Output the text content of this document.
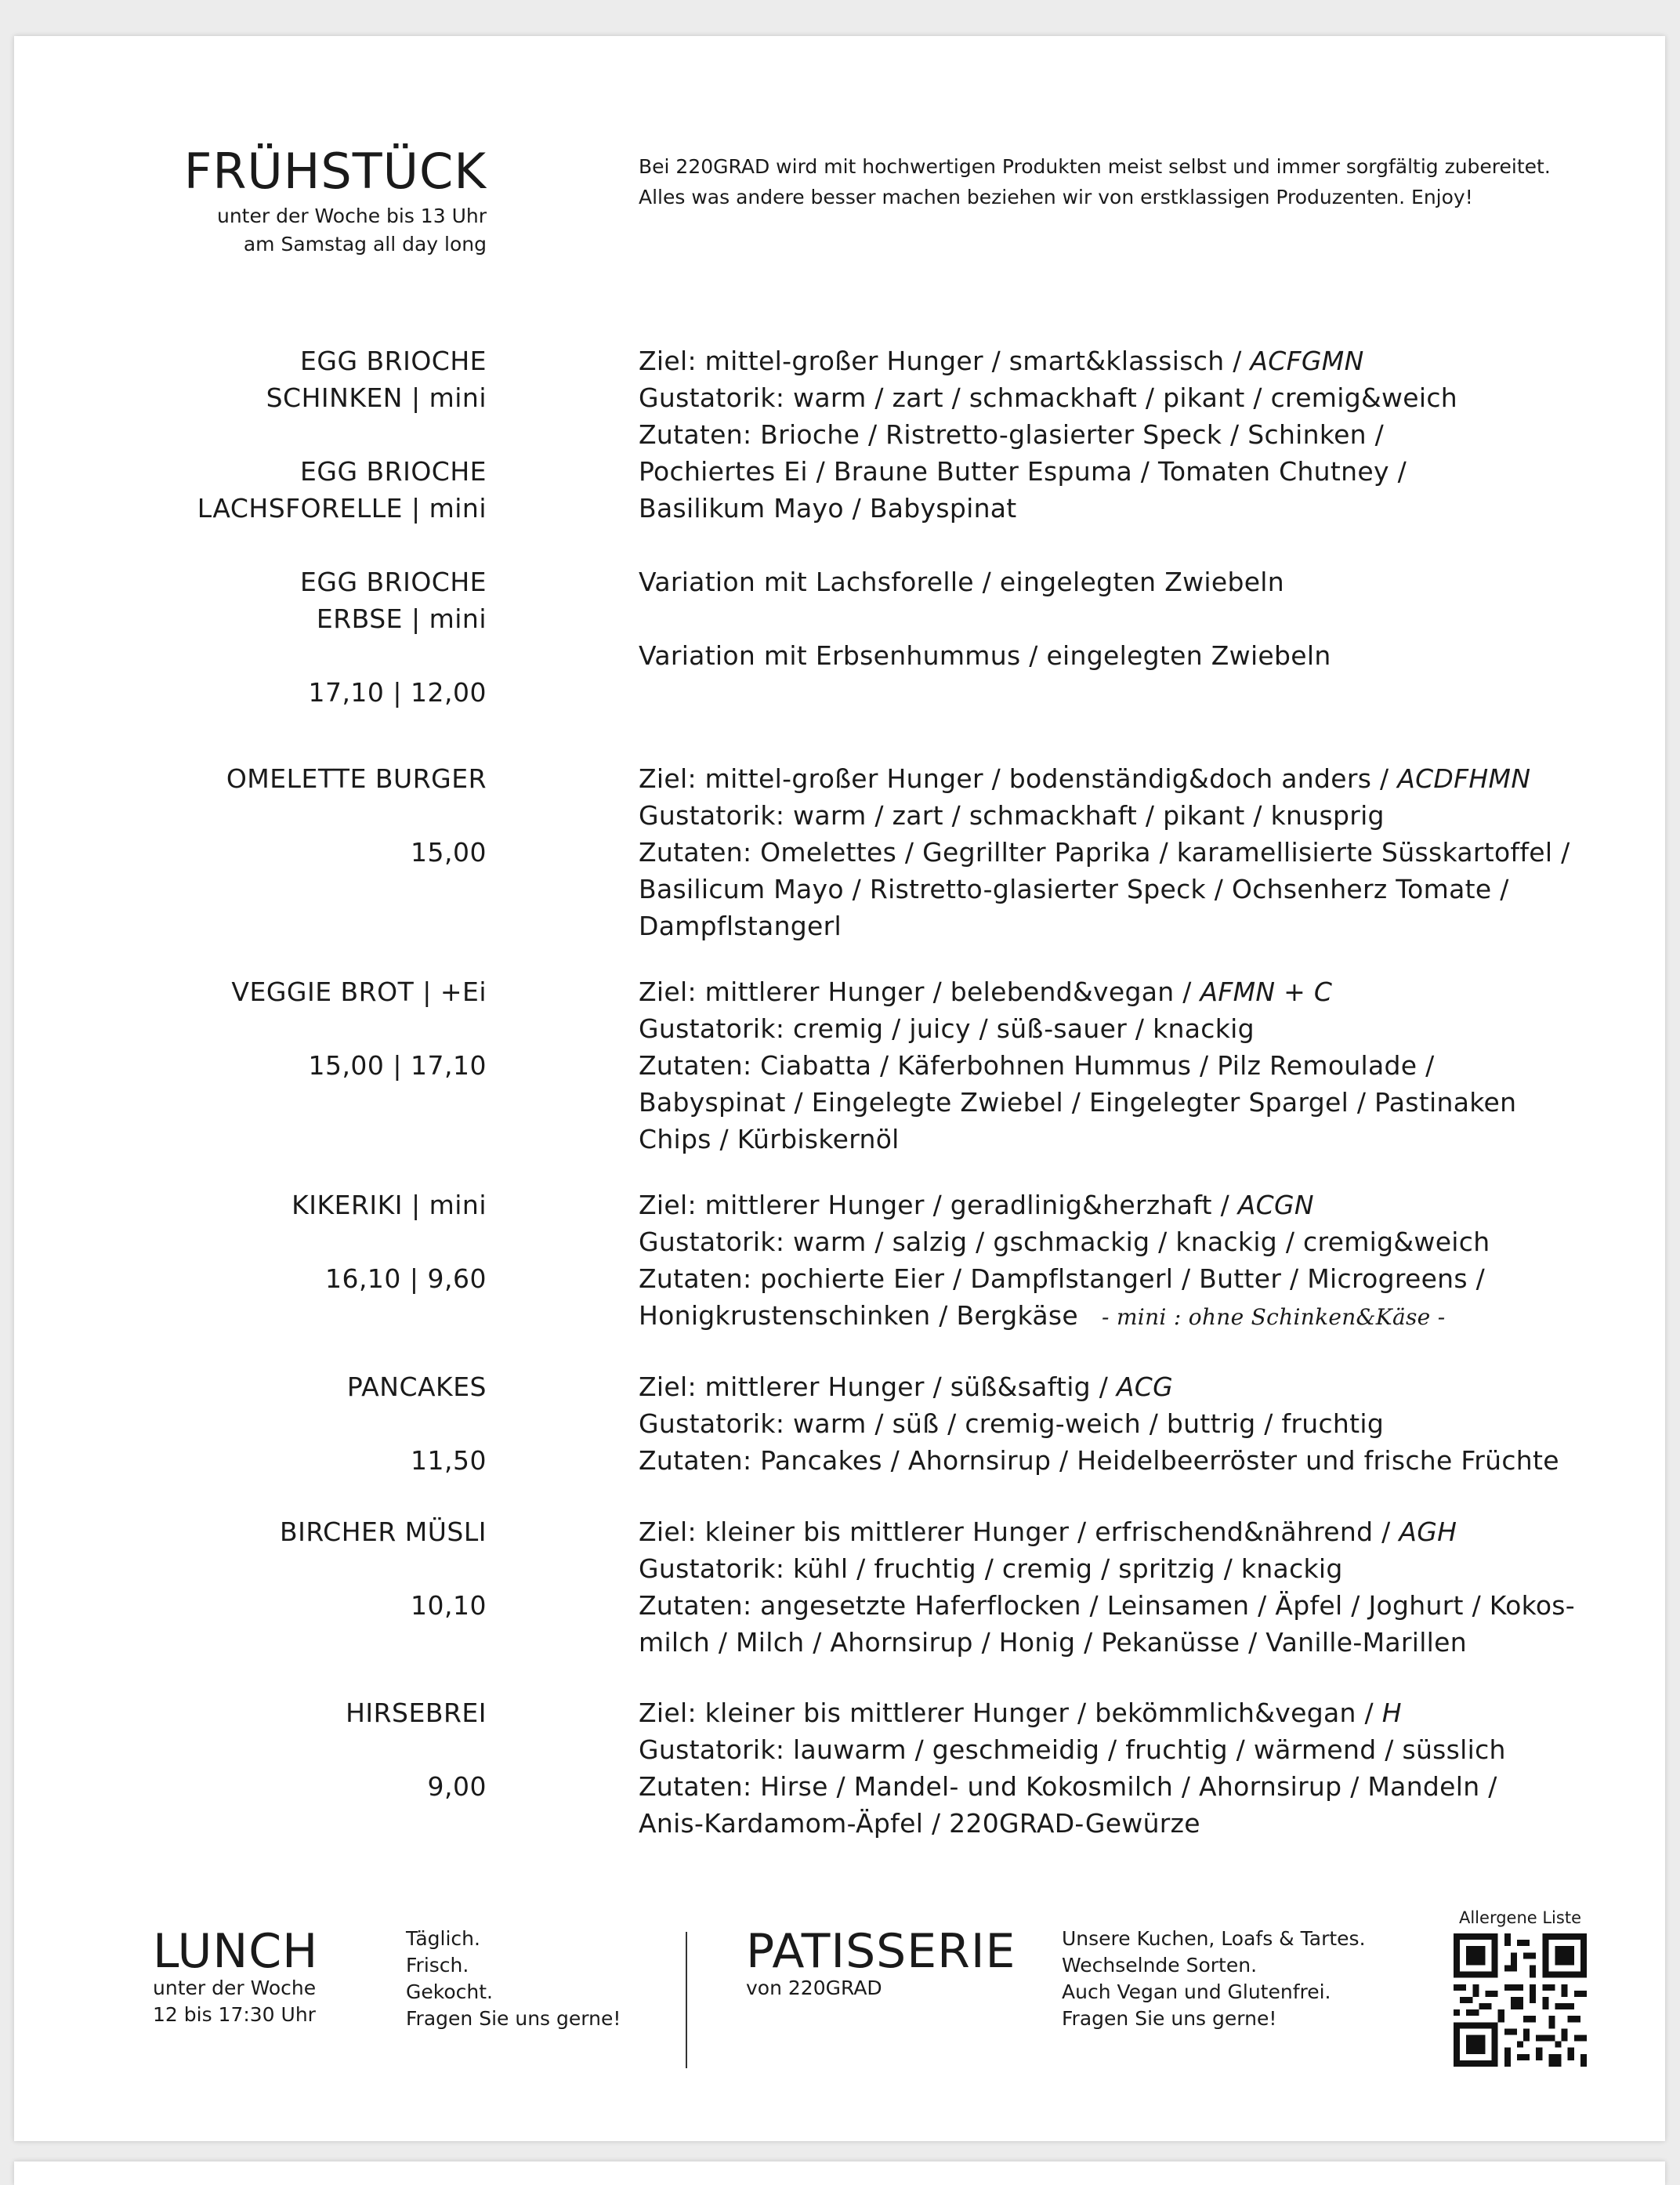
FRÜHSTÜCK
unter der Woche bis 13 Uhr
am Samstag all day long
Bei 220GRAD wird mit hochwertigen Produkten meist selbst und immer sorgfältig zubereitet.
Alles was andere besser machen beziehen wir von erstklassigen Produzenten. Enjoy!
EGG BRIOCHE
SCHINKEN | mini
EGG BRIOCHE
LACHSFORELLE | mini
EGG BRIOCHE
ERBSE | mini
17,10 | 12,00
Ziel: mittel-großer Hunger / smart&klassisch / ACFGMN
Gustatorik: warm / zart / schmackhaft / pikant / cremig&weich
Zutaten: Brioche / Ristretto-glasierter Speck / Schinken /
Pochiertes Ei / Braune Butter Espuma / Tomaten Chutney /
Basilikum Mayo / Babyspinat
Variation mit Lachsforelle / eingelegten Zwiebeln
Variation mit Erbsenhummus / eingelegten Zwiebeln
OMELETTE BURGER
15,00
Ziel: mittel-großer Hunger / bodenständig&doch anders / ACDFHMN
Gustatorik: warm / zart / schmackhaft / pikant / knusprig
Zutaten: Omelettes / Gegrillter Paprika / karamellisierte Süsskartoffel /
Basilicum Mayo / Ristretto-glasierter Speck / Ochsenherz Tomate /
Dampflstangerl
VEGGIE BROT | +Ei
15,00 | 17,10
Ziel: mittlerer Hunger / belebend&vegan / AFMN + C
Gustatorik: cremig / juicy / süß-sauer / knackig
Zutaten: Ciabatta / Käferbohnen Hummus / Pilz Remoulade /
Babyspinat / Eingelegte Zwiebel / Eingelegter Spargel / Pastinaken
Chips / Kürbiskernöl
KIKERIKI | mini
16,10 | 9,60
Ziel: mittlerer Hunger / geradlinig&herzhaft / ACGN
Gustatorik: warm / salzig / gschmackig / knackig / cremig&weich
Zutaten: pochierte Eier / Dampflstangerl / Butter / Microgreens /
Honigkrustenschinken / Bergkäse - mini : ohne Schinken&Käse -
PANCAKES
11,50
Ziel: mittlerer Hunger / süß&saftig / ACG
Gustatorik: warm / süß / cremig-weich / buttrig / fruchtig
Zutaten: Pancakes / Ahornsirup / Heidelbeerröster und frische Früchte
BIRCHER MÜSLI
10,10
Ziel: kleiner bis mittlerer Hunger / erfrischend&nährend / AGH
Gustatorik: kühl / fruchtig / cremig / spritzig / knackig
Zutaten: angesetzte Haferflocken / Leinsamen / Äpfel / Joghurt / Kokos-
milch / Milch / Ahornsirup / Honig / Pekanüsse / Vanille-Marillen
HIRSEBREI
9,00
Ziel: kleiner bis mittlerer Hunger / bekömmlich&vegan / H
Gustatorik: lauwarm / geschmeidig / fruchtig / wärmend / süsslich
Zutaten: Hirse / Mandel- und Kokosmilch / Ahornsirup / Mandeln /
Anis-Kardamom-Äpfel / 220GRAD-Gewürze
LUNCH
unter der Woche
12 bis 17:30 Uhr
Täglich.
Frisch.
Gekocht.
Fragen Sie uns gerne!
PATISSERIE
von 220GRAD
Unsere Kuchen, Loafs & Tartes.
Wechselnde Sorten.
Auch Vegan und Glutenfrei.
Fragen Sie uns gerne!
Allergene Liste
